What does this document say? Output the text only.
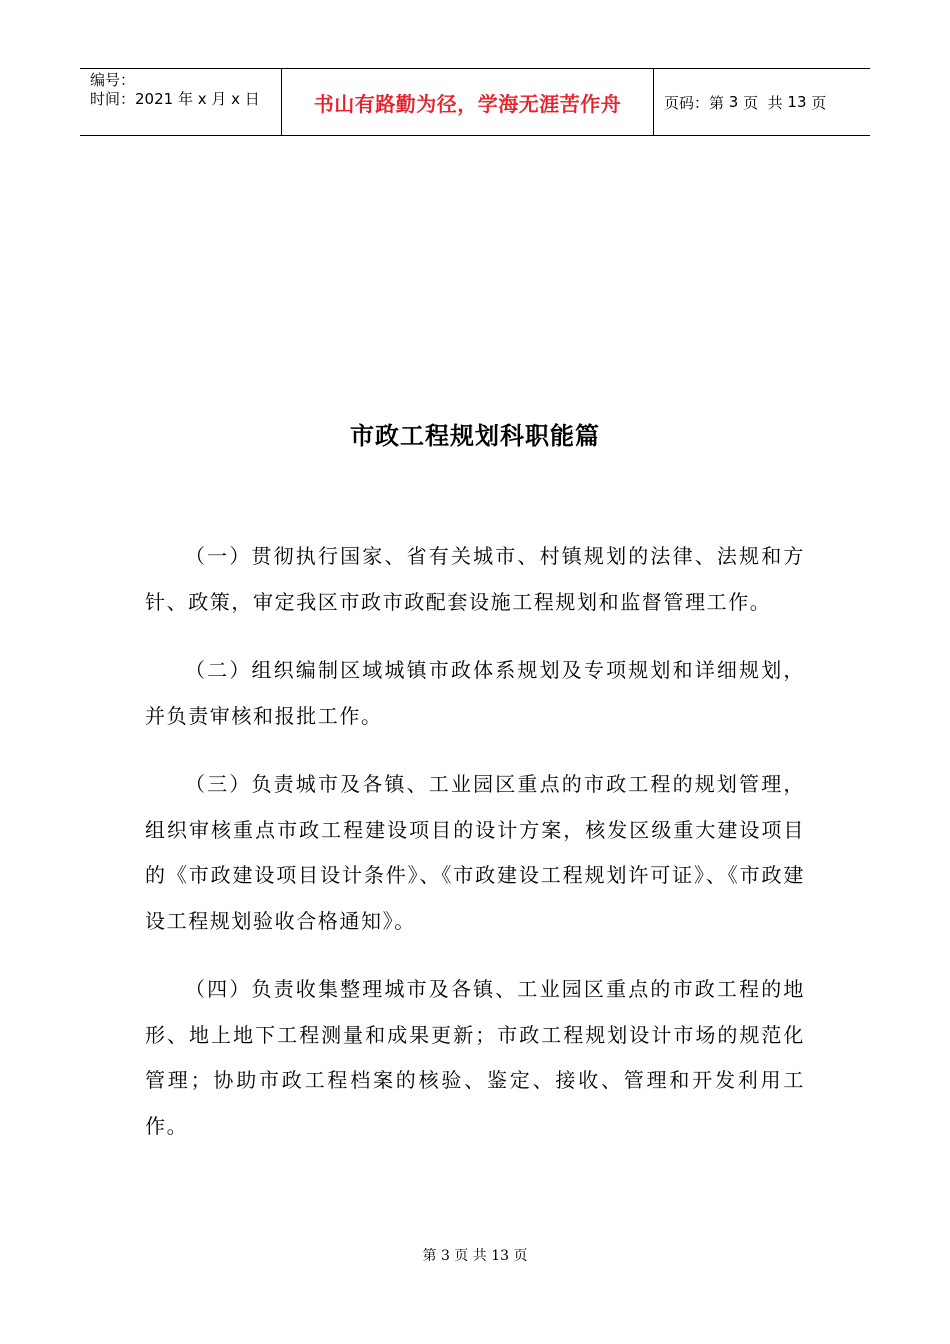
编号：
时间：2021 年 x 月 x 日	书山有路勤为径，学海无涯苦作舟	页码：第 3 页  共 13 页
市政工程规划科职能篇

（一）贯彻执行国家、省有关城市、村镇规划的法律、法规和方针、政策，审定我区市政市政配套设施工程规划和监督管理工作。

（二）组织编制区域城镇市政体系规划及专项规划和详细规划，并负责审核和报批工作。

（三）负责城市及各镇、工业园区重点的市政工程的规划管理，组织审核重点市政工程建设项目的设计方案，核发区级重大建设项目的《市政建设项目设计条件》、《市政建设工程规划许可证》、《市政建设工程规划验收合格通知》。

（四）负责收集整理城市及各镇、工业园区重点的市政工程的地形、地上地下工程测量和成果更新；市政工程规划设计市场的规范化管理；协助市政工程档案的核验、鉴定、接收、管理和开发利用工作。

第 3 页 共 13 页
